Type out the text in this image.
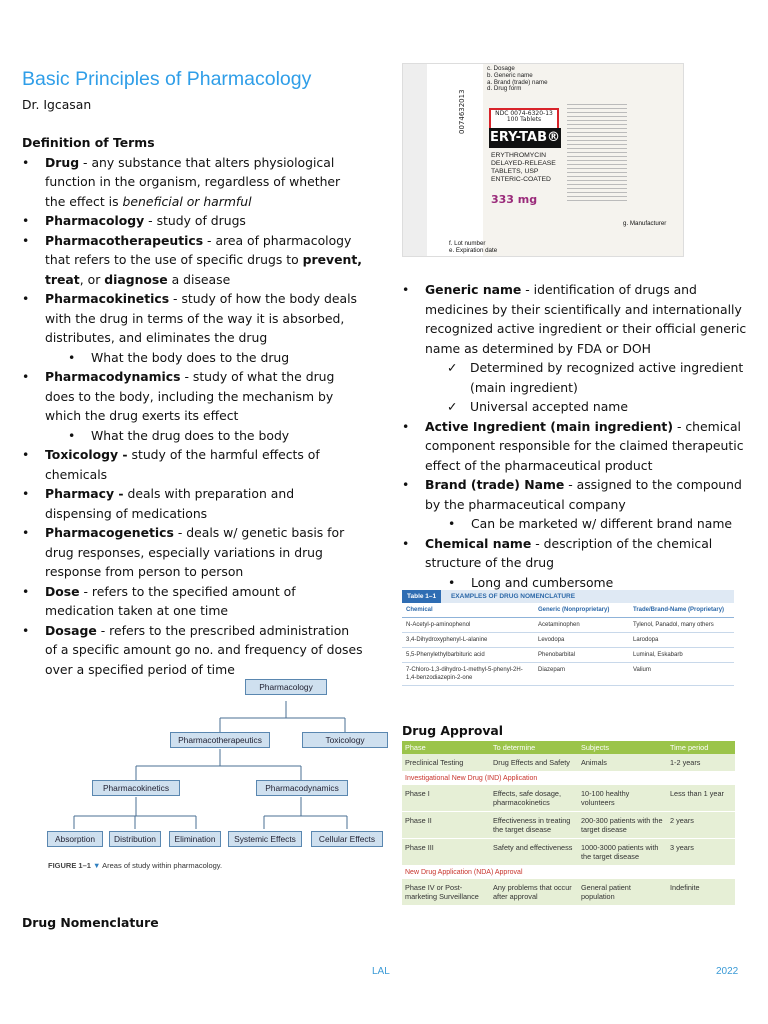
Basic Principles of Pharmacology
Dr. Igcasan
Definition of Terms
• Drug - any substance that alters physiological function in the organism, regardless of whether the effect is beneficial or harmful
• Pharmacology - study of drugs
• Pharmacotherapeutics - area of pharmacology that refers to the use of specific drugs to prevent, treat, or diagnose a disease
• Pharmacokinetics - study of how the body deals with the drug in terms of the way it is absorbed, distributes, and eliminates the drug
• What the body does to the drug
• Pharmacodynamics - study of what the drug does to the body, including the mechanism by which the drug exerts its effect
• What the drug does to the body
• Toxicology - study of the harmful effects of chemicals
• Pharmacy - deals with preparation and dispensing of medications
• Pharmacogenetics - deals w/ genetic basis for drug responses, especially variations in drug response from person to person
• Dose - refers to the specified amount of medication taken at one time
• Dosage - refers to the prescribed administration of a specific amount go no. and frequency of doses over a specified period of time
Pharmacology
Pharmacotherapeutics	Toxicology
Pharmacokinetics	Pharmacodynamics
Absorption	Distribution	Elimination	Systemic Effects	Cellular Effects
FIGURE 1–1 ▼ Areas of study within pharmacology.
Drug Nomenclature
c. Dosage
b. Generic name
a. Brand (trade) name
d. Drug form
NDC 0074-6320-13
100 Tablets
ERY-TAB®
ERYTHROMYCIN
DELAYED-RELEASE
TABLETS, USP
ENTERIC-COATED
333 mg
0074632013
g. Manufacturer
f. Lot number
e. Expiration date
• Generic name - identification of drugs and medicines by their scientifically and internationally recognized active ingredient or their official generic name as determined by FDA or DOH
✓ Determined by recognized active ingredient (main ingredient)
✓ Universal accepted name
• Active Ingredient (main ingredient) - chemical component responsible for the claimed therapeutic effect of the pharmaceutical product
• Brand (trade) Name - assigned to the compound by the pharmaceutical company
• Can be marketed w/ different brand name
• Chemical name - description of the chemical structure of the drug
• Long and cumbersome
Table 1–1 EXAMPLES OF DRUG NOMENCLATURE
Chemical	Generic (Nonproprietary)	Trade/Brand-Name (Proprietary)
N-Acetyl-p-aminophenol	Acetaminophen	Tylenol, Panadol, many others
3,4-Dihydroxyphenyl-L-alanine	Levodopa	Larodopa
5,5-Phenylethylbarbituric acid	Phenobarbital	Luminal, Eskabarb
7-Chloro-1,3-dihydro-1-methyl-5-phenyl-2H-1,4-benzodiazepin-2-one	Diazepam	Valium
Drug Approval
Phase	To determine	Subjects	Time period
Preclinical Testing	Drug Effects and Safety	Animals	1-2 years
Investigational New Drug (IND) Application			
Phase I	Effects, safe dosage, pharmacokinetics	10-100 healthy volunteers	Less than 1 year
Phase II	Effectiveness in treating the target disease	200-300 patients with the target disease	2 years
Phase III	Safety and effectiveness	1000-3000 patients with the target disease	3 years
New Drug Application (NDA) Approval			
Phase IV or Post-marketing Surveillance	Any problems that occur after approval	General patient population	Indefinite
LAL	2022
